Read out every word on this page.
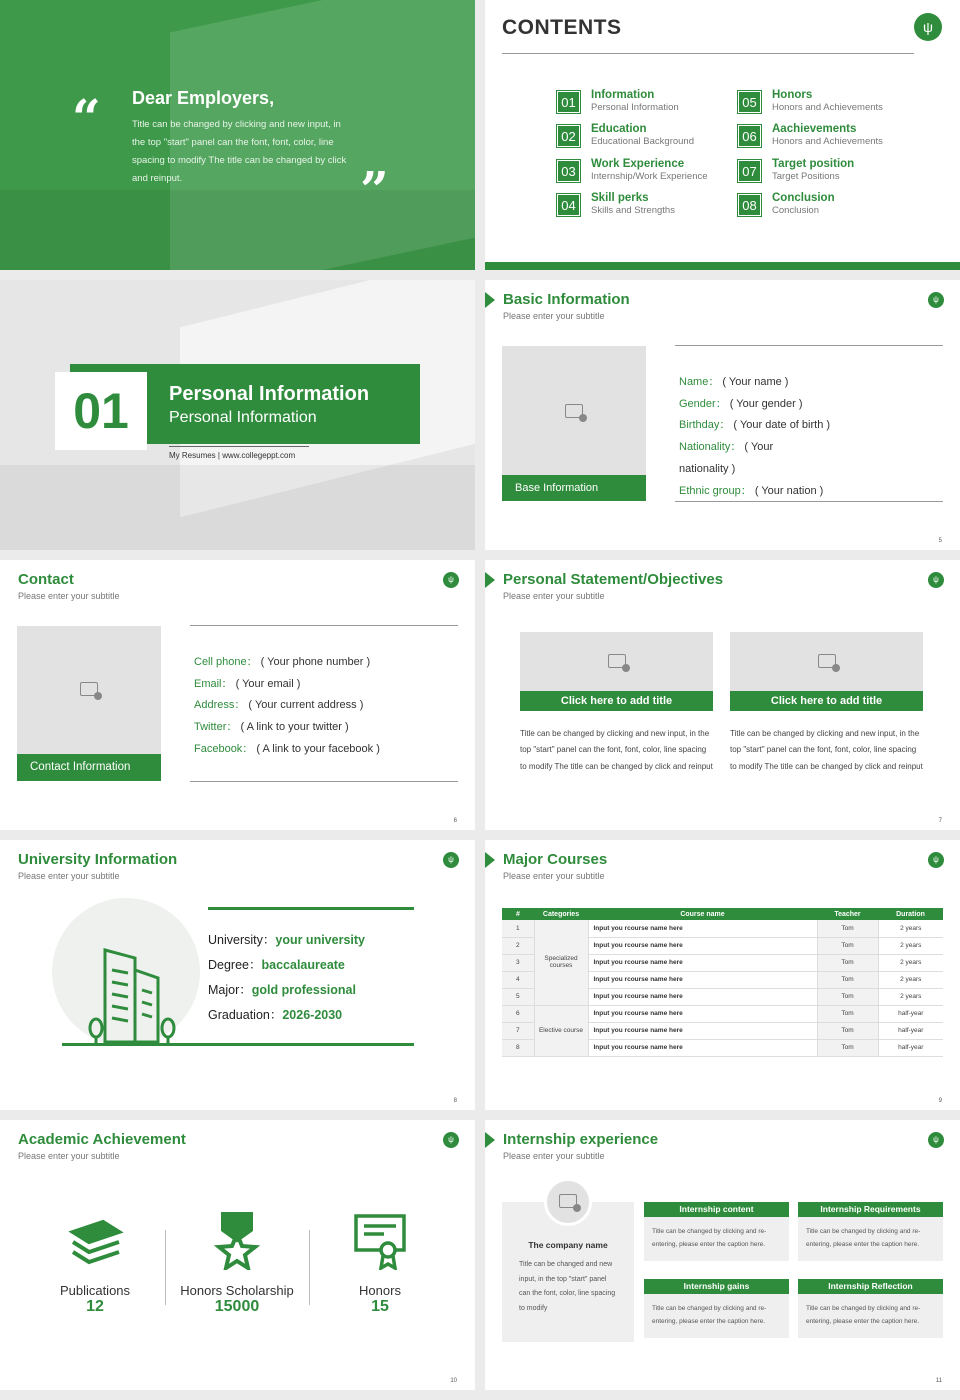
“ Dear Employers,
Title can be changed by clicking and new input, in the top "start" panel can the font, font, color, line spacing to modify The title can be changed by click and reinput.	”
CONTENTS	ψ
01	Information
Personal Information
02	Education
Educational Background
03	Work Experience
Internship/Work Experience
04	Skill perks
Skills and Strengths
05	Honors
Honors and Achievements
06	Aachievements
Honors and Achievements
07	Target position
Target Positions
08	Conclusion
Conclusion
01	Personal Information
Personal Information
My Resumes | www.collegeppt.com
Basic Information
Please enter your subtitle
ψ
Base Information
Name： ( Your name )
Gender： ( Your gender )
Birthday： ( Your date of birth )
Nationality： ( Your
nationality )
Ethnic group： ( Your nation )
5
Contact
Please enter your subtitle
ψ
Contact Information
Cell phone： ( Your phone number )
Email： ( Your email )
Address： ( Your current address )
Twitter： ( A link to your twitter )
Facebook： ( A link to your facebook )
6
Personal Statement/Objectives
Please enter your subtitle
ψ
Click here to add title
Title can be changed by clicking and new input, in the top "start" panel can the font, font, color, line spacing to modify The title can be changed by click and reinput
Click here to add title
Title can be changed by clicking and new input, in the top "start" panel can the font, font, color, line spacing to modify The title can be changed by click and reinput
7
University Information
Please enter your subtitle
ψ
University：your university
Degree：baccalaureate
Major：gold professional
Graduation：2026-2030
8
Major Courses
Please enter your subtitle
ψ
#	Categories	Course name	Teacher	Duration
1	Specialized courses	Input you rcourse name here	Tom	2 years
2		Input you rcourse name here	Tom	2 years
3		Input you rcourse name here	Tom	2 years
4		Input you rcourse name here	Tom	2 years
5		Input you rcourse name here	Tom	2 years
6	Elective course	Input you rcourse name here	Tom	half-year
7		Input you rcourse name here	Tom	half-year
8		Input you rcourse name here	Tom	half-year
9
Academic Achievement
Please enter your subtitle
ψ
Publications
12
Honors Scholarship
15000
Honors
15
10
Internship experience
Please enter your subtitle
ψ
The company name
Title can be changed and new input, in the top "start" panel can the font, color, line spacing to modify
Internship content
Title can be changed by clicking and re-entering, please enter the caption here.
Internship Requirements
Title can be changed by clicking and re-entering, please enter the caption here.
Internship gains
Title can be changed by clicking and re-entering, please enter the caption here.
Internship Reflection
Title can be changed by clicking and re-entering, please enter the caption here.
11
